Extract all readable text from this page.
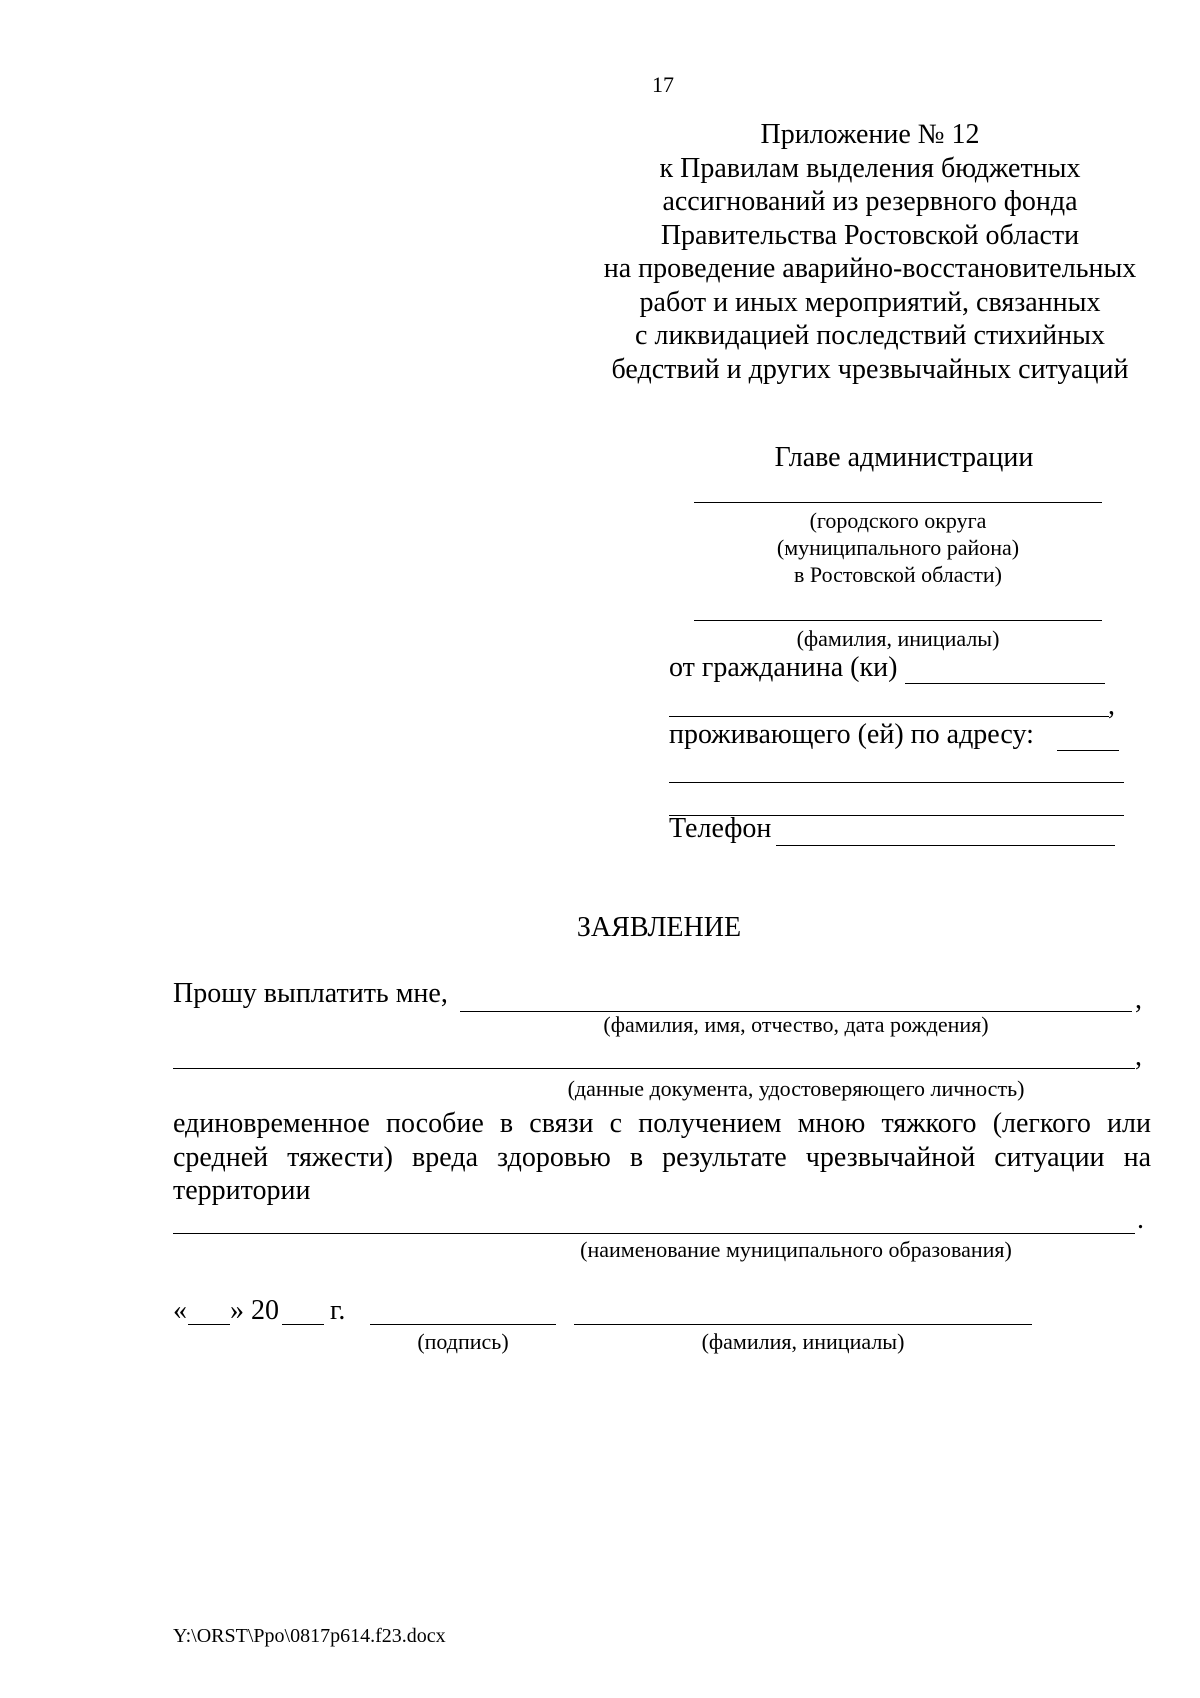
17
Приложение № 12
к Правилам выделения бюджетных
ассигнований из резервного фонда
Правительства Ростовской области
на проведение аварийно-восстановительных
работ и иных мероприятий, связанных
с ликвидацией последствий стихийных
бедствий и других чрезвычайных ситуаций
Главе администрации
(городского округа
(муниципального района)
в Ростовской области)
(фамилия, инициалы)
от гражданина (ки)
,
проживающего (ей) по адресу:
Телефон
ЗАЯВЛЕНИЕ
Прошу выплатить мне,	,
(фамилия, имя, отчество, дата рождения)
,
(данные документа, удостоверяющего личность)
единовременное пособие в связи с получением мною тяжкого (легкого или средней тяжести) вреда здоровью в результате чрезвычайной ситуации на территории
.
(наименование муниципального образования)
« » 20 г.
(подпись)	(фамилия, инициалы)
Y:\ORST\Ppo\0817p614.f23.docx
